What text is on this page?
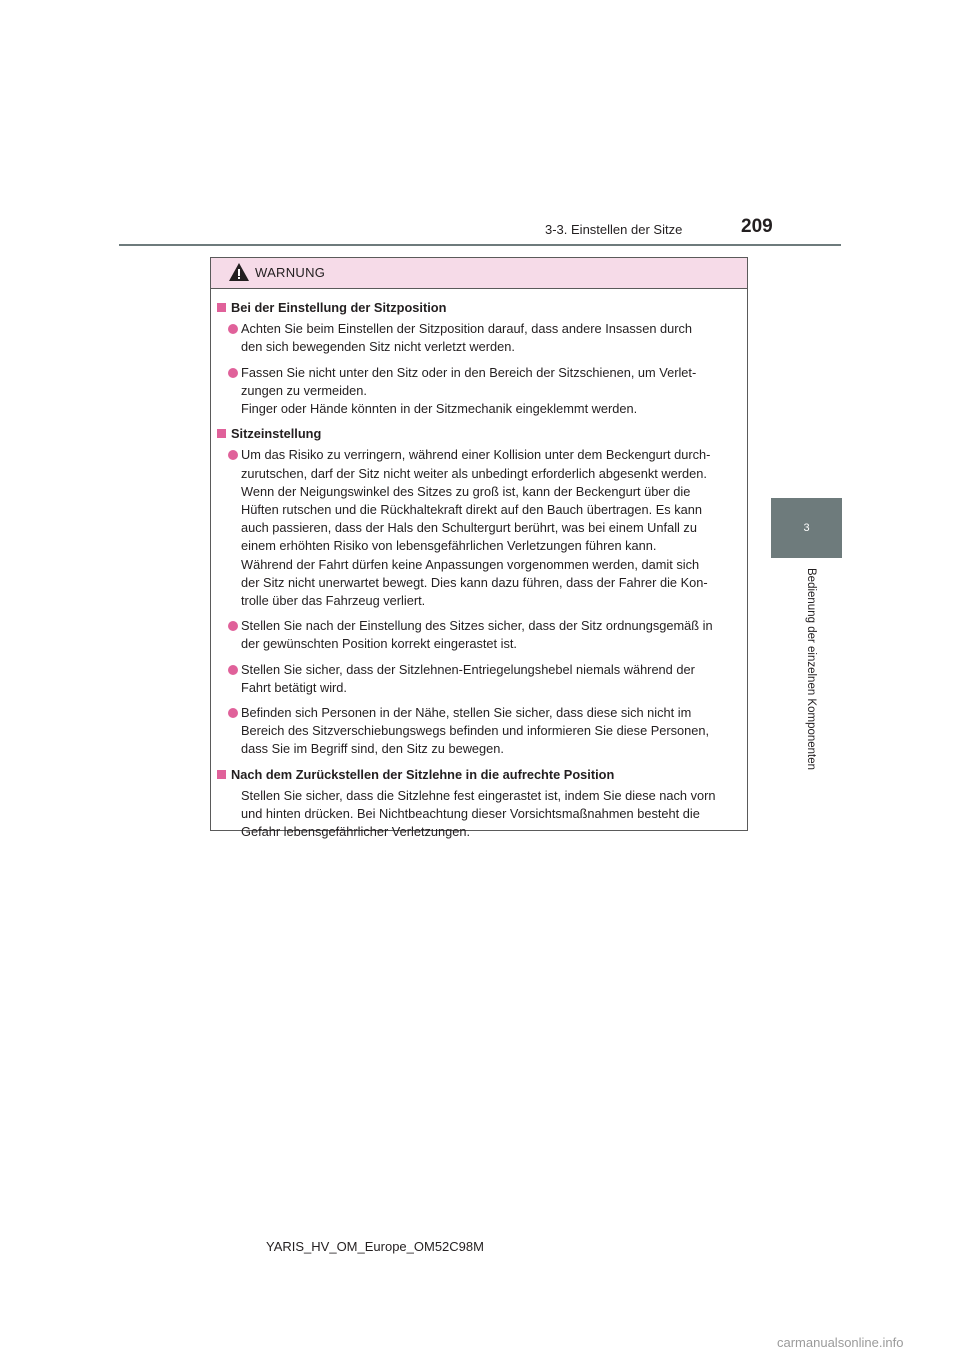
3-3. Einstellen der Sitze	209
3
Bedienung der einzelnen Komponenten
WARNUNG
Bei der Einstellung der Sitzposition
Achten Sie beim Einstellen der Sitzposition darauf, dass andere Insassen durch
den sich bewegenden Sitz nicht verletzt werden.
Fassen Sie nicht unter den Sitz oder in den Bereich der Sitzschienen, um Verlet-
zungen zu vermeiden.
Finger oder Hände könnten in der Sitzmechanik eingeklemmt werden.
Sitzeinstellung
Um das Risiko zu verringern, während einer Kollision unter dem Beckengurt durch-
zurutschen, darf der Sitz nicht weiter als unbedingt erforderlich abgesenkt werden.
Wenn der Neigungswinkel des Sitzes zu groß ist, kann der Beckengurt über die
Hüften rutschen und die Rückhaltekraft direkt auf den Bauch übertragen. Es kann
auch passieren, dass der Hals den Schultergurt berührt, was bei einem Unfall zu
einem erhöhten Risiko von lebensgefährlichen Verletzungen führen kann.
Während der Fahrt dürfen keine Anpassungen vorgenommen werden, damit sich
der Sitz nicht unerwartet bewegt. Dies kann dazu führen, dass der Fahrer die Kon-
trolle über das Fahrzeug verliert.
Stellen Sie nach der Einstellung des Sitzes sicher, dass der Sitz ordnungsgemäß in
der gewünschten Position korrekt eingerastet ist.
Stellen Sie sicher, dass der Sitzlehnen-Entriegelungshebel niemals während der
Fahrt betätigt wird.
Befinden sich Personen in der Nähe, stellen Sie sicher, dass diese sich nicht im
Bereich des Sitzverschiebungswegs befinden und informieren Sie diese Personen,
dass Sie im Begriff sind, den Sitz zu bewegen.
Nach dem Zurückstellen der Sitzlehne in die aufrechte Position
Stellen Sie sicher, dass die Sitzlehne fest eingerastet ist, indem Sie diese nach vorn
und hinten drücken. Bei Nichtbeachtung dieser Vorsichtsmaßnahmen besteht die
Gefahr lebensgefährlicher Verletzungen.
YARIS_HV_OM_Europe_OM52C98M
carmanualsonline.info
